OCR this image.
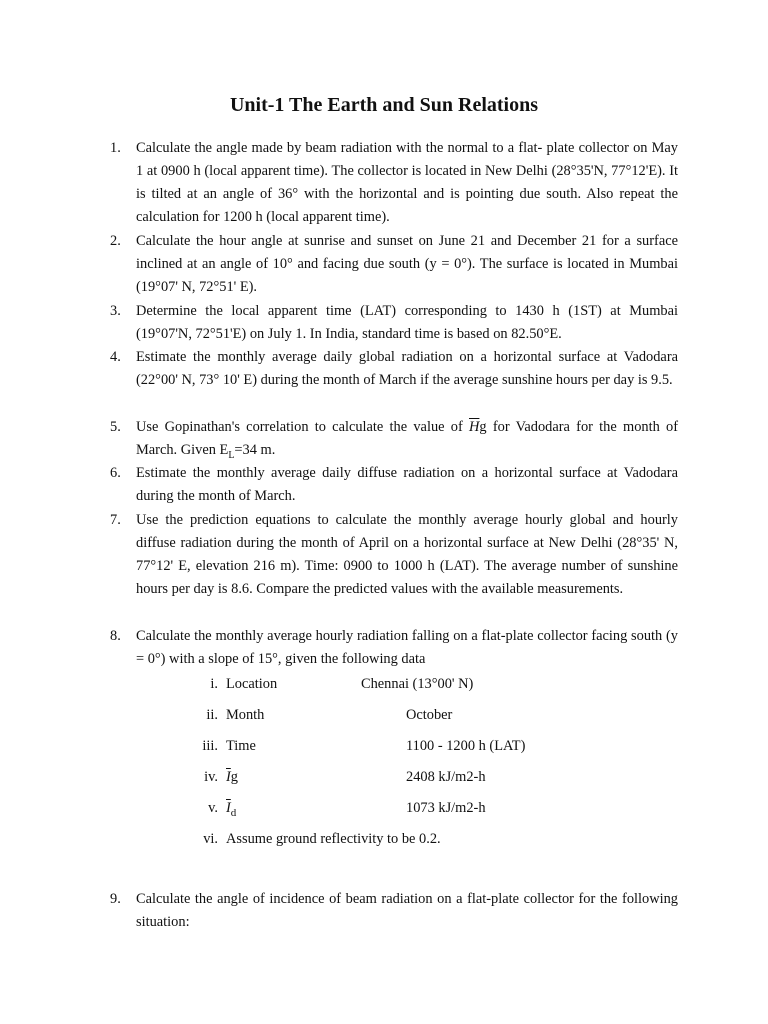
Unit-1 The Earth and Sun Relations
1. Calculate the angle made by beam radiation with the normal to a flat- plate collector on May 1 at 0900 h (local apparent time). The collector is located in New Delhi (28°35'N, 77°12'E). It is tilted at an angle of 36° with the horizontal and is pointing due south. Also repeat the calculation for 1200 h (local apparent time).
2. Calculate the hour angle at sunrise and sunset on June 21 and December 21 for a surface inclined at an angle of 10° and facing due south (y = 0°). The surface is located in Mumbai (19°07' N, 72°51' E).
3. Determine the local apparent time (LAT) corresponding to 1430 h (1ST) at Mumbai (19°07'N, 72°51'E) on July 1. In India, standard time is based on 82.50°E.
4. Estimate the monthly average daily global radiation on a horizontal surface at Vadodara (22°00' N, 73° 10' E) during the month of March if the average sunshine hours per day is 9.5.
5. Use Gopinathan's correlation to calculate the value of $\overline{H}g$ for Vadodara for the month of March. Given $E_L=34$ m.
6. Estimate the monthly average daily diffuse radiation on a horizontal surface at Vadodara during the month of March.
7. Use the prediction equations to calculate the monthly average hourly global and hourly diffuse radiation during the month of April on a horizontal surface at New Delhi (28°35' N, 77°12' E, elevation 216 m). Time: 0900 to 1000 h (LAT). The average number of sunshine hours per day is 8.6. Compare the predicted values with the available measurements.
8. Calculate the monthly average hourly radiation falling on a flat-plate collector facing south (y = 0°) with a slope of 15°, given the following data
i. Location	Chennai (13°00' N)
ii. Month	October
iii. Time	1100 - 1200 h (LAT)
iv. $\overline{I}g$	2408 kJ/m2-h
v. $\overline{I}_d$	1073 kJ/m2-h
vi. Assume ground reflectivity to be 0.2.
9. Calculate the angle of incidence of beam radiation on a flat-plate collector for the following situation:
